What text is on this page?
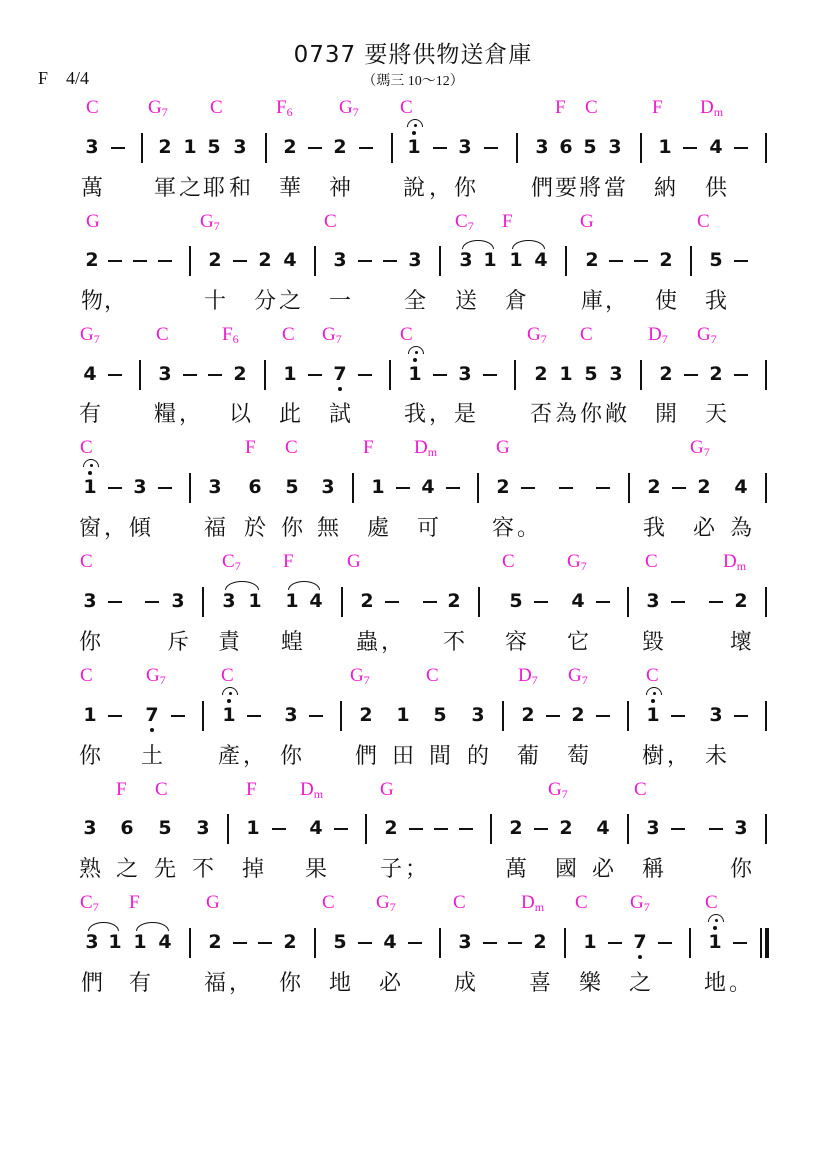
0737 要將供物送倉庫
（瑪三 10～12）
F 4/4
C	$G_7$ C	$F_6$ $G_7$ C	F C	F $D_m$
3	2 1 5 3	2	2	1	3	3 6 5 3	1	4
萬 軍 之 耶 和 華 神 說 ， 你 們 要 將 當 納 供
G	$G_7$	C	$C_7$ F	G	C
2	2	2 4	3	3	3 1 1 4	2	2	5
物 ，	十 分 之 一 全 送 倉 庫 ， 使 我
$G_7$	C	$F_6$ C $G_7$	C	$G_7$ C	$D_7$ $G_7$
4	3	2	1	7	1	3	2 1 5 3	2	2
有 糧 ， 以 此 試 我 ， 是 否 為 你 敞 開 天
C	F C	F $D_m$	G	$G_7$
1	3	3	6	5	3	1	4	2	2	2	4
窗 ， 傾 福 於 你 無 處 可 容 。	我 必 為
C	$C_7$ F	G	C	$G_7$	C	$D_m$
3	3	3 1	1 4	2	2	5	4	3	2
你	斥 責 蝗 蟲 ， 不 容 它 毀	壞
C	$G_7$	C	$G_7$	C	$D_7$ $G_7$	C
1	7	1	3	2	1	5	3	2	2	1	3
你 土 產 ， 你 們 田 間 的 葡 萄 樹 ， 未
F C	F $D_m$	G	$G_7$	C
3	6	5	3	1	4	2	2	2	4	3	3
熟 之 先 不 掉 果 子 ；	萬 國 必 稱	你
$C_7$ F	G	C $G_7$	C	$D_m$ C $G_7$	C
3 1 1 4	2	2	5	4	3	2	1	7	1
們 有 福 ， 你 地 必 成 喜 樂 之 地 。
